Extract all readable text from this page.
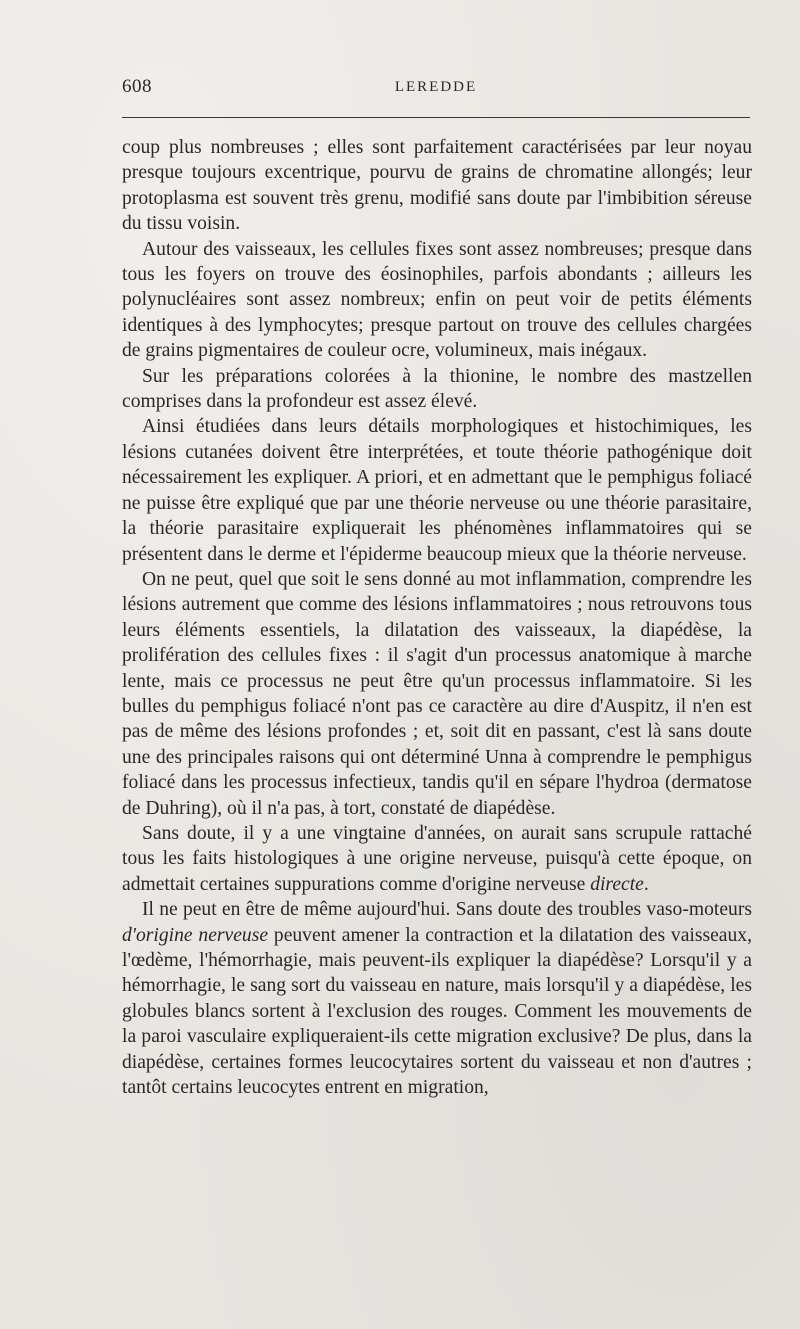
608	LEREDDE

coup plus nombreuses ; elles sont parfaitement caractérisées par leur noyau presque toujours excentrique, pourvu de grains de chromatine allongés; leur protoplasma est souvent très grenu, modifié sans doute par l'imbibition séreuse du tissu voisin.

Autour des vaisseaux, les cellules fixes sont assez nombreuses; presque dans tous les foyers on trouve des éosinophiles, parfois abondants ; ailleurs les polynucléaires sont assez nombreux; enfin on peut voir de petits éléments identiques à des lymphocytes; presque partout on trouve des cellules chargées de grains pigmentaires de couleur ocre, volumineux, mais inégaux.

Sur les préparations colorées à la thionine, le nombre des mastzellen comprises dans la profondeur est assez élevé.

Ainsi étudiées dans leurs détails morphologiques et histochimiques, les lésions cutanées doivent être interprétées, et toute théorie pathogénique doit nécessairement les expliquer. A priori, et en admettant que le pemphigus foliacé ne puisse être expliqué que par une théorie nerveuse ou une théorie parasitaire, la théorie parasitaire expliquerait les phénomènes inflammatoires qui se présentent dans le derme et l'épiderme beaucoup mieux que la théorie nerveuse.

On ne peut, quel que soit le sens donné au mot inflammation, comprendre les lésions autrement que comme des lésions inflammatoires ; nous retrouvons tous leurs éléments essentiels, la dilatation des vaisseaux, la diapédèse, la prolifération des cellules fixes : il s'agit d'un processus anatomique à marche lente, mais ce processus ne peut être qu'un processus inflammatoire. Si les bulles du pemphigus foliacé n'ont pas ce caractère au dire d'Auspitz, il n'en est pas de même des lésions profondes ; et, soit dit en passant, c'est là sans doute une des principales raisons qui ont déterminé Unna à comprendre le pemphigus foliacé dans les processus infectieux, tandis qu'il en sépare l'hydroa (dermatose de Duhring), où il n'a pas, à tort, constaté de diapédèse.

Sans doute, il y a une vingtaine d'années, on aurait sans scrupule rattaché tous les faits histologiques à une origine nerveuse, puisqu'à cette époque, on admettait certaines suppurations comme d'origine nerveuse directe.

Il ne peut en être de même aujourd'hui. Sans doute des troubles vaso-moteurs d'origine nerveuse peuvent amener la contraction et la dilatation des vaisseaux, l'œdème, l'hémorrhagie, mais peuvent-ils expliquer la diapédèse? Lorsqu'il y a hémorrhagie, le sang sort du vaisseau en nature, mais lorsqu'il y a diapédèse, les globules blancs sortent à l'exclusion des rouges. Comment les mouvements de la paroi vasculaire expliqueraient-ils cette migration exclusive? De plus, dans la diapédèse, certaines formes leucocytaires sortent du vaisseau et non d'autres ; tantôt certains leucocytes entrent en migration,
